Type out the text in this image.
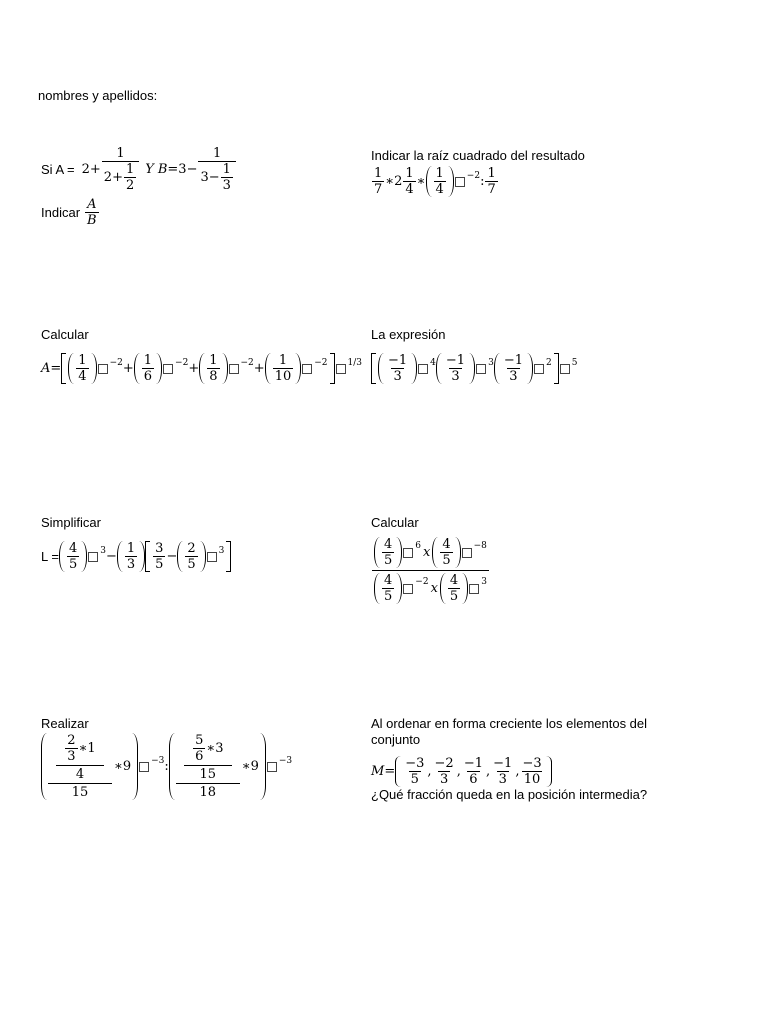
nombres y apellidos:
Si $A = 2+ \frac{1}{2+ \frac{1}{2}}$ Y $B =3- \frac{1}{3- \frac{1}{3}}$
Indicar $\frac{A}{B}$
Indicar la raíz cuadrado del resultado
$\frac{1}{7}$ ∗2 $\frac{1}{4}$ ∗ $\frac{1}{4} -2$ : $\frac{1}{7}$
Calcular
$A = \frac{1}{4} -2 + \frac{1}{6} -2 + \frac{1}{8} -2 + \frac{1}{10} -2$ 1/3
La expresión
$\frac{-1}{3} 4 \frac{-1}{3} 3 \frac{-1}{3} 2$ 5
Simplificar
$L = \frac{4}{5} 3 - \frac{1}{3} \frac{3}{5} - \frac{2}{5} 3$
Calcular
$\frac{\frac{4}{5} 6 x \frac{4}{5} -8}{\frac{4}{5} -2 x \frac{4}{5} 3}$
Realizar
$\frac{2}{3}$ ∗1
4
15
∗9 −3 :
$\frac{5}{6}$ ∗3
15
18
∗9 −3
Al ordenar en forma creciente los elementos del conjunto
$M = \frac{-3}{5}$ , $\frac{-2}{3}$ , $\frac{-1}{6}$ , $\frac{-1}{3}$ , $\frac{-3}{10}$
¿Qué fracción queda en la posición intermedia?
